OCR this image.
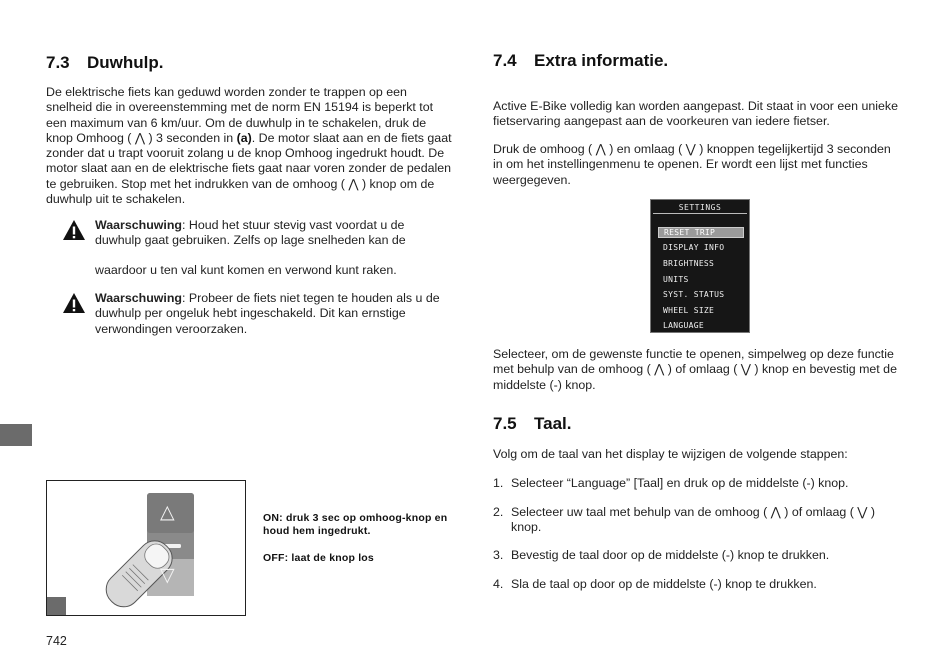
7.3 Duwhulp.
De elektrische fiets kan geduwd worden zonder te trappen op een snelheid die in overeenstemming met de norm EN 15194 is beperkt tot een maximum van 6 km/uur. Om de duwhulp in te schakelen, druk de knop Omhoog ( ⋀ ) 3 seconden in (a). De motor slaat aan en de fiets gaat zonder dat u trapt vooruit zolang u de knop Omhoog ingedrukt houdt. De motor slaat aan en de elektrische fiets gaat naar voren zonder de pedalen te gebruiken. Stop met het indrukken van de omhoog ( ⋀ ) knop om de duwhulp uit te schakelen.
Waarschuwing: Houd het stuur stevig vast voordat u de duwhulp gaat gebruiken. Zelfs op lage snelheden kan de
waardoor u ten val kunt komen en verwond kunt raken.
Waarschuwing: Probeer de fiets niet tegen te houden als u de duwhulp per ongeluk hebt ingeschakeld. Dit kan ernstige verwondingen veroorzaken.
△
▽
ON: druk 3 sec op omhoog-knop en houd hem ingedrukt.
OFF: laat de knop los
742
7.4 Extra informatie.
Active E-Bike volledig kan worden aangepast. Dit staat in voor een unieke fietservaring aangepast aan de voorkeuren van iedere fietser.
Druk de omhoog ( ⋀ ) en omlaag ( ⋁ ) knoppen tegelijkertijd 3 seconden in om het instellingenmenu te openen. Er wordt een lijst met functies weergegeven.
SETTINGS
RESET TRIP
DISPLAY INFO
BRIGHTNESS
UNITS
SYST. STATUS
WHEEL SIZE
LANGUAGE
Selecteer, om de gewenste functie te openen, simpelweg op deze functie met behulp van de omhoog ( ⋀ ) of omlaag ( ⋁ ) knop en bevestig met de middelste (-) knop.
7.5 Taal.
Volg om de taal van het display te wijzigen de volgende stappen:
1. Selecteer “Language” [Taal] en druk op de middelste (-) knop.
2. Selecteer uw taal met behulp van de omhoog ( ⋀ ) of omlaag ( ⋁ ) knop.
3. Bevestig de taal door op de middelste (-) knop te drukken.
4. Sla de taal op door op de middelste (-) knop te drukken.
